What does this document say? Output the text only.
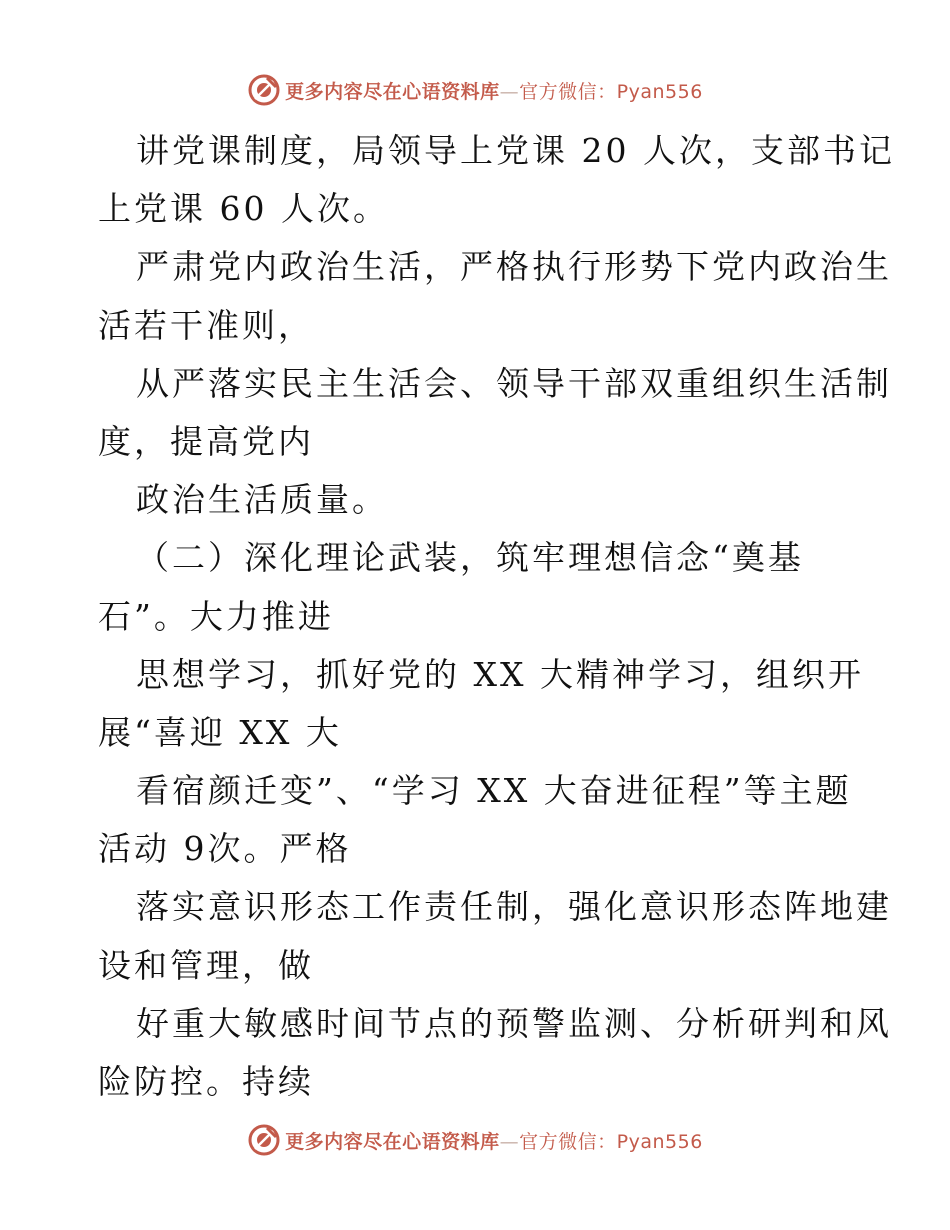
更多内容尽在心语资料库—官方微信：Pyan556
讲党课制度，局领导上党课 20 人次，支部书记
上党课 60 人次。
严肃党内政治生活，严格执行形势下党内政治生
活若干准则，
从严落实民主生活会、领导干部双重组织生活制
度，提高党内
政治生活质量。
（二）深化理论武装，筑牢理想信念“奠基
石”。大力推进
思想学习，抓好党的 XX 大精神学习，组织开
展“喜迎 XX 大
看宿颜迁变”、“学习 XX 大奋进征程”等主题
活动 9次。严格
落实意识形态工作责任制，强化意识形态阵地建
设和管理，做
好重大敏感时间节点的预警监测、分析研判和风
险防控。持续
更多内容尽在心语资料库—官方微信：Pyan556
